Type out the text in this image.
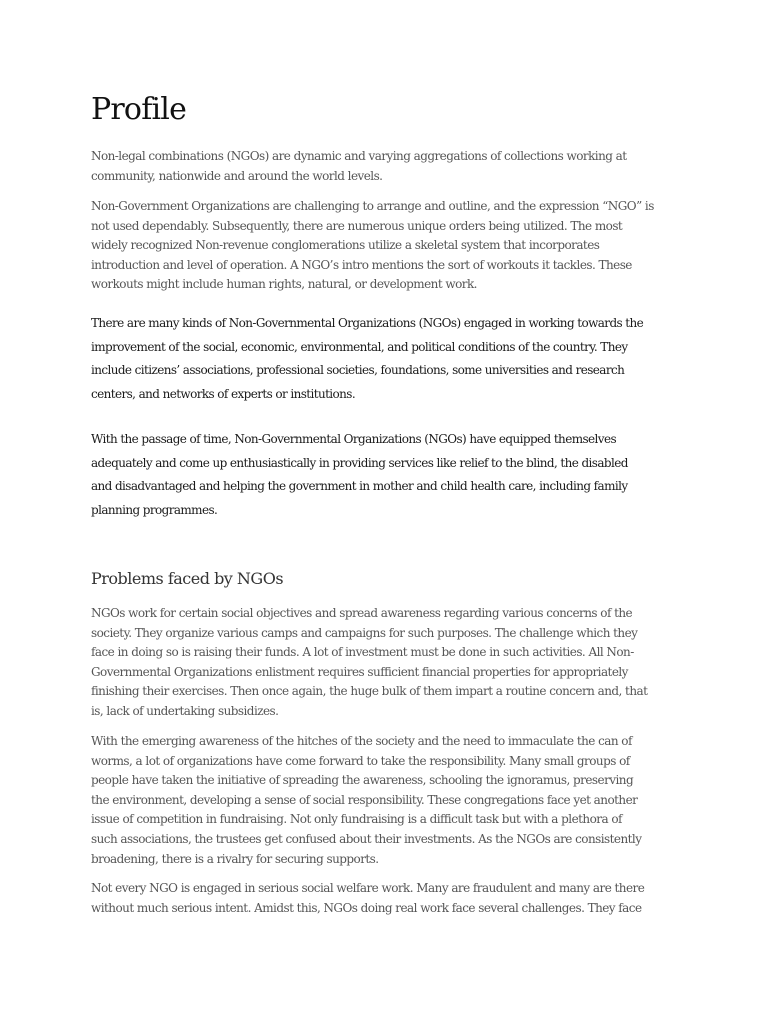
Profile

Non-legal combinations (NGOs) are dynamic and varying aggregations of collections working at
community, nationwide and around the world levels.

Non-Government Organizations are challenging to arrange and outline, and the expression “NGO” is
not used dependably. Subsequently, there are numerous unique orders being utilized. The most
widely recognized Non-revenue conglomerations utilize a skeletal system that incorporates
introduction and level of operation. A NGO’s intro mentions the sort of workouts it tackles. These
workouts might include human rights, natural, or development work.

There are many kinds of Non-Governmental Organizations (NGOs) engaged in working towards the
improvement of the social, economic, environmental, and political conditions of the country. They
include citizens’ associations, professional societies, foundations, some universities and research
centers, and networks of experts or institutions.

With the passage of time, Non-Governmental Organizations (NGOs) have equipped themselves
adequately and come up enthusiastically in providing services like relief to the blind, the disabled
and disadvantaged and helping the government in mother and child health care, including family
planning programmes.

Problems faced by NGOs

NGOs work for certain social objectives and spread awareness regarding various concerns of the
society. They organize various camps and campaigns for such purposes. The challenge which they
face in doing so is raising their funds. A lot of investment must be done in such activities. All Non-
Governmental Organizations enlistment requires sufficient financial properties for appropriately
finishing their exercises. Then once again, the huge bulk of them impart a routine concern and, that
is, lack of undertaking subsidizes.

With the emerging awareness of the hitches of the society and the need to immaculate the can of
worms, a lot of organizations have come forward to take the responsibility. Many small groups of
people have taken the initiative of spreading the awareness, schooling the ignoramus, preserving
the environment, developing a sense of social responsibility. These congregations face yet another
issue of competition in fundraising. Not only fundraising is a difficult task but with a plethora of
such associations, the trustees get confused about their investments. As the NGOs are consistently
broadening, there is a rivalry for securing supports.

Not every NGO is engaged in serious social welfare work. Many are fraudulent and many are there
without much serious intent. Amidst this, NGOs doing real work face several challenges. They face
